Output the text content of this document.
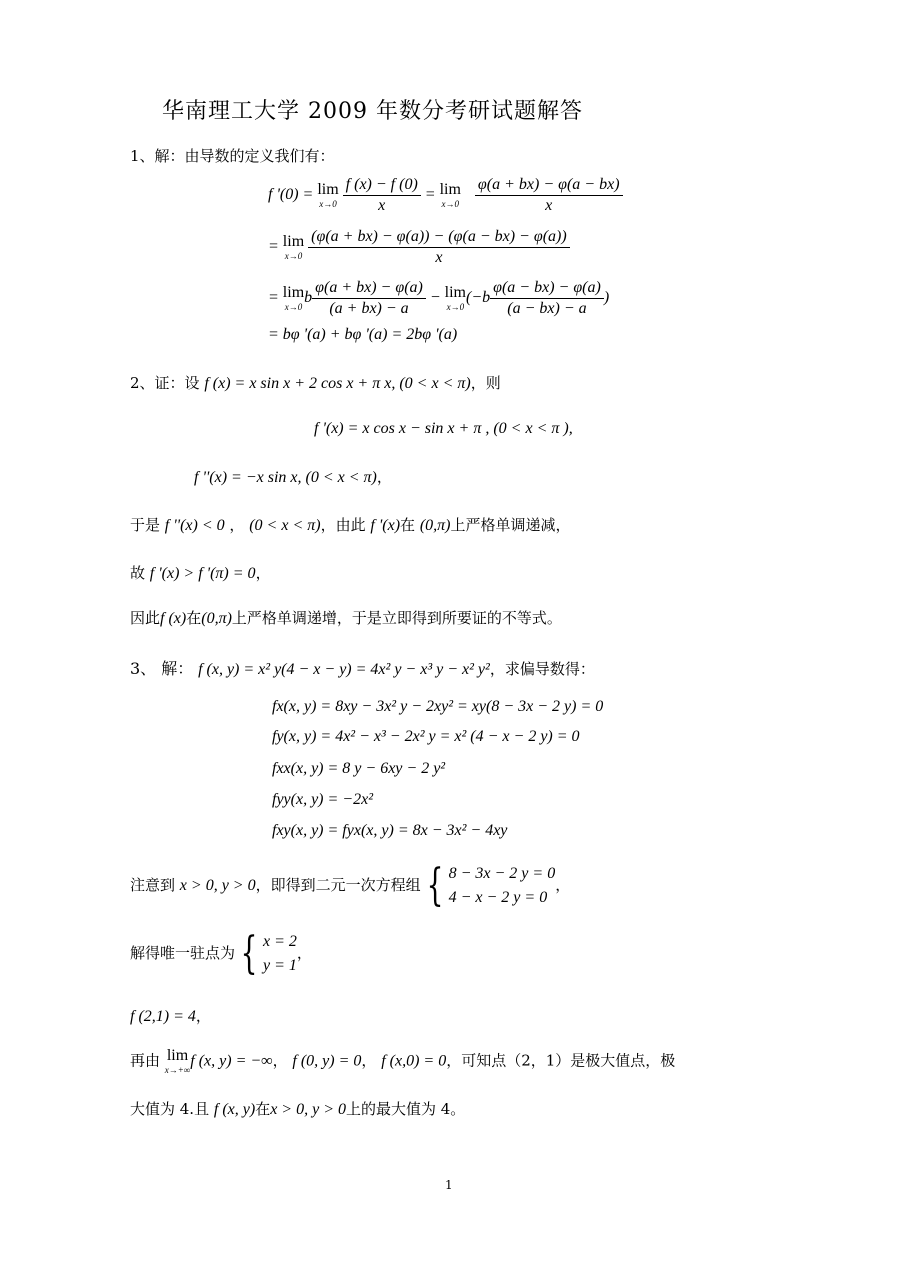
华南理工大学 2009 年数分考研试题解答
1、解：由导数的定义我们有：
f '(0) = lim
x→0
$\frac{f (x) - f (0)}{x} = \lim$
x→0
$\frac{\varphi(a + bx) - \varphi(a - bx)}{x}$
= lim
x→0
$\frac{(\varphi(a + bx) - \varphi(a)) - (\varphi(a - bx) - \varphi(a))}{x}$
= lim
x→0
b $\frac{\varphi(a + bx) - \varphi(a)}{(a + bx) - a} - \lim$
x→0
($-b \frac{\varphi(a - bx) - \varphi(a)}{(a - bx) - a}$ )
= bφ '(a) + bφ '(a) = 2bφ '(a)
2、证：设 f (x) = x sin x + 2 cos x + π x, (0 < x < π)，则
f '(x) = x cos x − sin x + π , (0 < x < π ),
f ''(x) = −x sin x, (0 < x < π)，
于是 f ''(x) < 0 ， (0 < x < π)，由此 f '(x)在 (0,π)上严格单调递减，
故 f '(x) > f '(π) = 0，
因此f (x)在(0,π)上严格单调递增，于是立即得到所要证的不等式。
3、 解： f (x, y) = x² y(4 − x − y) = 4x² y − x³ y − x² y²，求偏导数得：
fx(x, y) = 8xy − 3x² y − 2xy² = xy(8 − 3x − 2 y) = 0
fy(x, y) = 4x² − x³ − 2x² y = x² (4 − x − 2 y) = 0
fxx(x, y) = 8 y − 6xy − 2 y²
fyy(x, y) = −2x²
fxy(x, y) = fyx(x, y) = 8x − 3x² − 4xy
注意到 x > 0, y > 0，即得到二元一次方程组 { 8 − 3x − 2 y = 0
4 − x − 2 y = 0
，
解得唯一驻点为 { x = 2
y = 1
，
f (2,1) = 4，
再由 lim
x→+∞
f (x, y) = −∞， f (0, y) = 0， f (x,0) = 0，可知点（2，1）是极大值点，极
大值为 4.且 f (x, y)在x > 0, y > 0上的最大值为 4。
1
